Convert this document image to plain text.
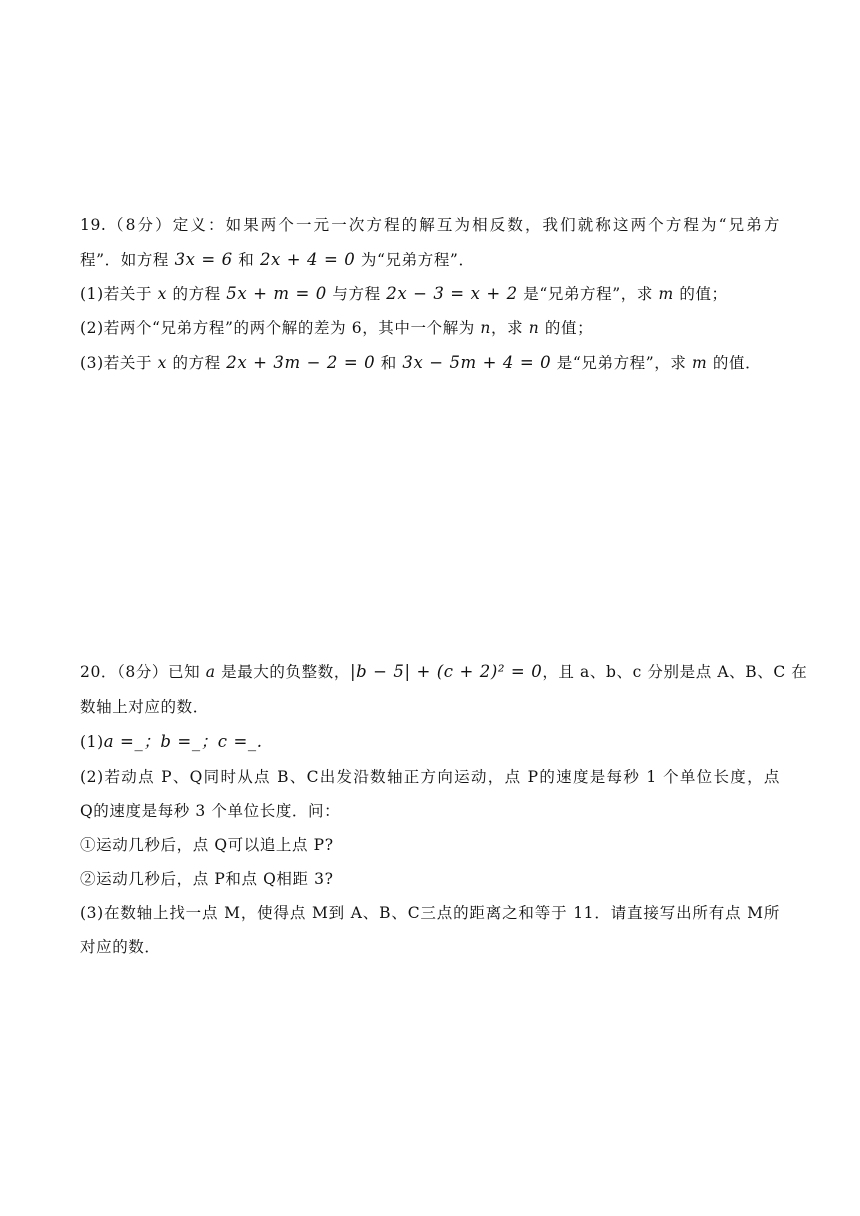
19.（8分）定义：如果两个一元一次方程的解互为相反数，我们就称这两个方程为“兄弟方
程”．如方程 3x = 6 和 2x + 4 = 0 为“兄弟方程”．
(1)若关于 x 的方程 5x + m = 0 与方程 2x − 3 = x + 2 是“兄弟方程”，求 m 的值；
(2)若两个“兄弟方程”的两个解的差为 6，其中一个解为 n，求 n 的值；
(3)若关于 x 的方程 2x + 3m − 2 = 0 和 3x − 5m + 4 = 0 是“兄弟方程”，求 m 的值．
20．（8分）已知 a 是最大的负整数，|b − 5| + (c + 2)² = 0，且 a、b、c 分别是点 A、B、C 在
数轴上对应的数．
(1)a =_；b =_；c =_.
(2)若动点 P、Q同时从点 B、C出发沿数轴正方向运动，点 P的速度是每秒 1 个单位长度，点
Q的速度是每秒 3 个单位长度．问：
①运动几秒后，点 Q可以追上点 P?
②运动几秒后，点 P和点 Q相距 3?
(3)在数轴上找一点 M，使得点 M到 A、B、C三点的距离之和等于 11．请直接写出所有点 M所
对应的数．
